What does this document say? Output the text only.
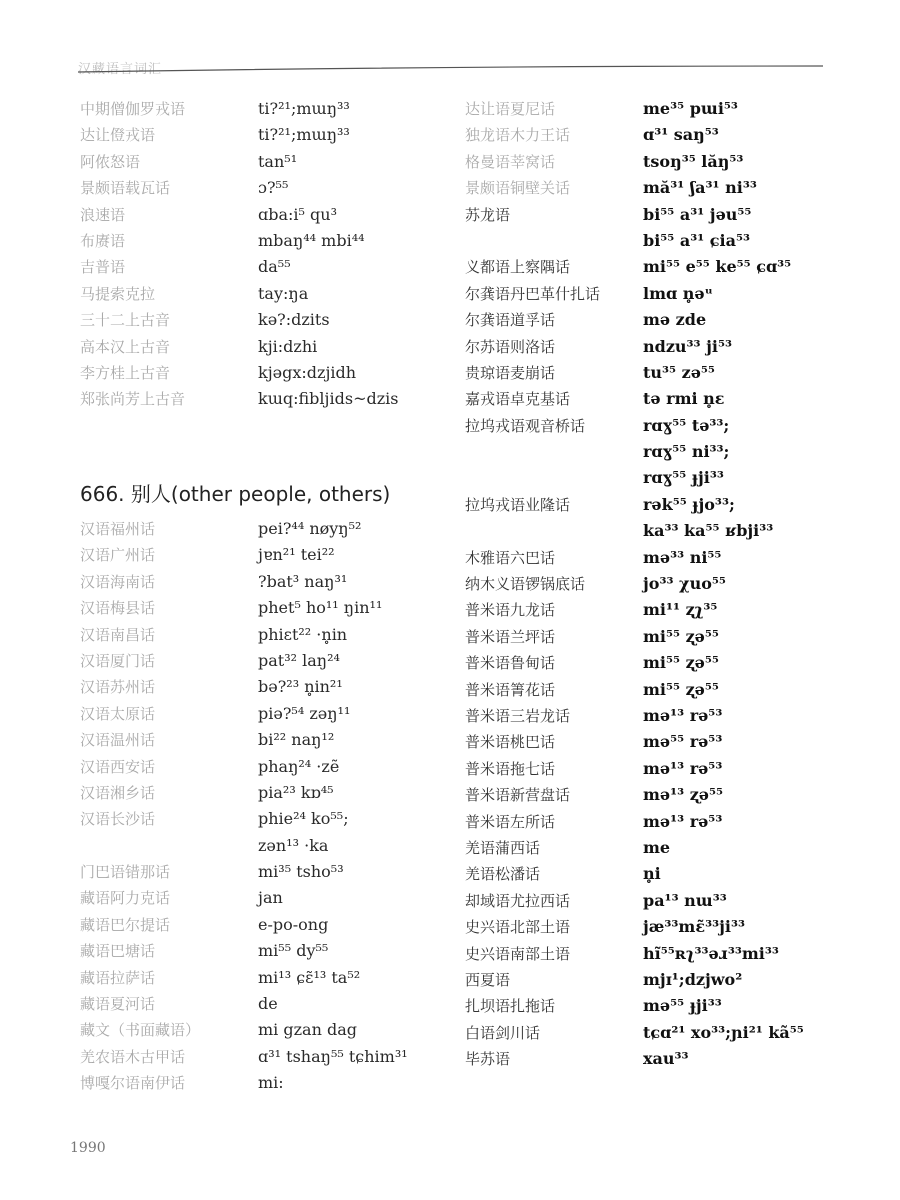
汉藏语言词汇
中期僧伽罗戎语	ti?²¹;mɯŋ³³
达让僜戎语	ti?²¹;mɯŋ³³
阿侬怒语	tan⁵¹
景颇语载瓦话	ɔ?⁵⁵
浪速语	ɑba:i⁵ qu³
布赓语	mbaŋ⁴⁴ mbi⁴⁴
吉普语	da⁵⁵
马提索克拉	tay:ŋa
三十二上古音	kə?:dzits
高本汉上古音	kji:dzhi
李方桂上古音	kjəgx:dzjidh
郑张尚芳上古音	kɯq:fibljids~dzis
666. 别人(other people, others)
汉语福州话	pei?⁴⁴ nøyŋ⁵²
汉语广州话	jɐn²¹ tei²²
汉语海南话	?bat³ naŋ³¹
汉语梅县话	phet⁵ ho¹¹ ŋin¹¹
汉语南昌话	phiɛt²² ·n̥in
汉语厦门话	pat³² laŋ²⁴
汉语苏州话	bə?²³ n̥in²¹
汉语太原话	piə?⁵⁴ zəŋ¹¹
汉语温州话	bi²² naŋ¹²
汉语西安话	phaŋ²⁴ ·zẽ
汉语湘乡话	pia²³ kɒ⁴⁵
汉语长沙话	phie²⁴ ko⁵⁵;
zən¹³ ·ka
门巴语错那话	mi³⁵ tsho⁵³
藏语阿力克话	jan
藏语巴尔提话	e-po-ong
藏语巴塘话	mi⁵⁵ dy⁵⁵
藏语拉萨话	mi¹³ ɕɛ̃¹³ ta⁵²
藏语夏河话	de
藏文（书面藏语）	mi gzan dag
羌农语木古甲话	ɑ³¹ tshaŋ⁵⁵ tɕhim³¹
博嘎尔语南伊话	mi:
达让语夏尼话	me³⁵ pɯi⁵³
独龙语木力王话	ɑ³¹ saŋ⁵³
格曼语莘窝话	tsoŋ³⁵ lăŋ⁵³
景颇语铜壁关话	mă³¹ ʃa³¹ ni³³
苏龙语	bi⁵⁵ a³¹ jəu⁵⁵
bi⁵⁵ a³¹ ɕia⁵³
义都语上察隅话	mi⁵⁵ e⁵⁵ ke⁵⁵ ɕɑ³⁵
尔龚语丹巴革什扎话	lmɑ n̥əᵘ
尔龚语道孚话	mə zde
尔苏语则洛话	ndzu³³ ji⁵³
贵琼语麦崩话	tu³⁵ zə⁵⁵
嘉戎语卓克基话	tə rmi n̥ɛ
拉坞戎语观音桥话	rɑɣ⁵⁵ tə³³;
rɑɣ⁵⁵ ni³³;
rɑɣ⁵⁵ ɟji³³
拉坞戎语业隆话	rək⁵⁵ ɟjo³³;
ka³³ ka⁵⁵ ʁbji³³
木雅语六巴话	mə³³ ni⁵⁵
纳木义语锣锅底话	jo³³ χuo⁵⁵
普米语九龙话	mi¹¹ ʐʅ³⁵
普米语兰坪话	mi⁵⁵ ʐə⁵⁵
普米语鲁甸话	mi⁵⁵ ʐə⁵⁵
普米语箐花话	mi⁵⁵ ʐə⁵⁵
普米语三岩龙话	mə¹³ rə⁵³
普米语桃巴话	mə⁵⁵ rə⁵³
普米语拖七话	mə¹³ rə⁵³
普米语新营盘话	mə¹³ ʐə⁵⁵
普米语左所话	mə¹³ rə⁵³
羌语蒲西话	me
羌语松潘话	n̥i
却域语尤拉西话	pa¹³ nɯ³³
史兴语北部土语	jæ³³mɛ̃³³ji³³
史兴语南部土语	hĩ⁵⁵ʀʅ³³əɹ³³mi³³
西夏语	mjɪ¹;dzjwo²
扎坝语扎拖话	mə⁵⁵ ɟji³³
白语剑川话	tɕɑ²¹ xo³³;ɲi²¹ kã⁵⁵
毕苏语	xau³³
1990
